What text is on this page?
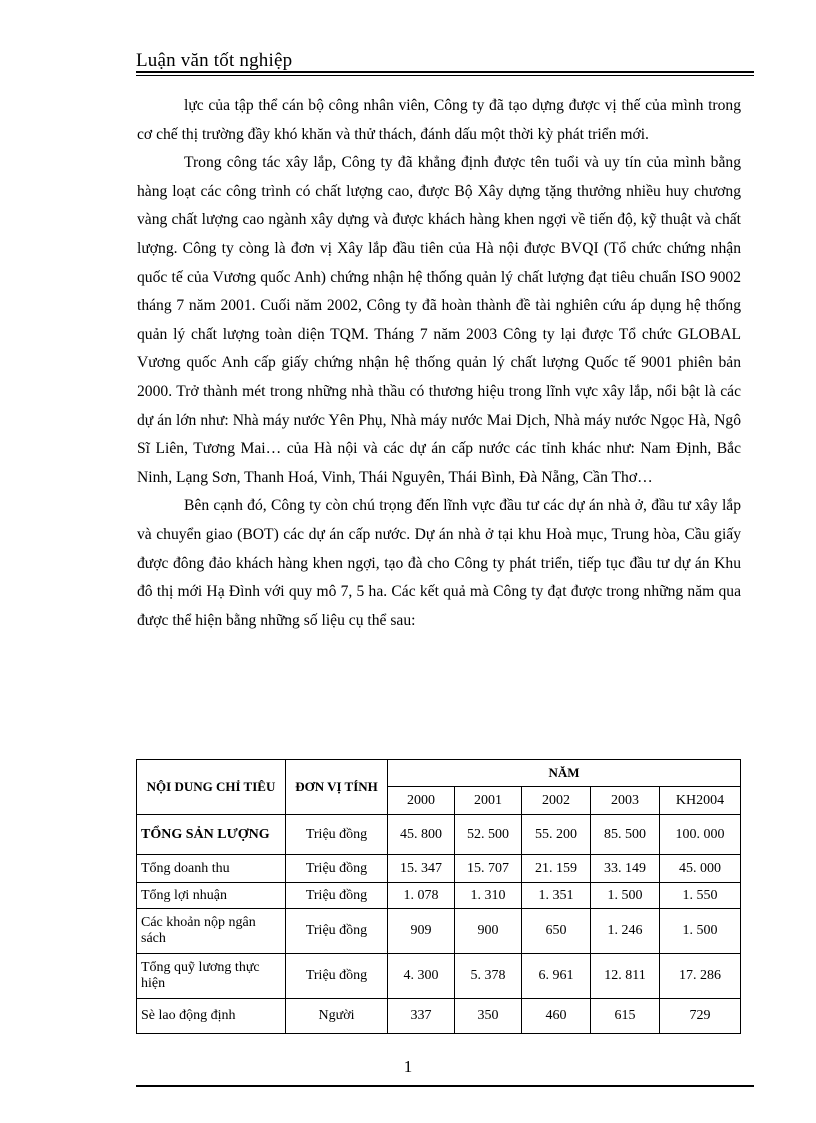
Luận văn tốt nghiệp

lực của tập thể cán bộ công nhân viên, Công ty đã tạo dựng được vị thế của mình trong cơ chế thị trường đầy khó khăn và thử thách, đánh dấu một thời kỳ phát triển mới.

Trong công tác xây lắp, Công ty đã khẳng định được tên tuổi và uy tín của mình bằng hàng loạt các công trình có chất lượng cao, được Bộ Xây dựng tặng thưởng nhiều huy chương vàng chất lượng cao ngành xây dựng và được khách hàng khen ngợi về tiến độ, kỹ thuật và chất lượng. Công ty còng là đơn vị Xây lắp đầu tiên của Hà nội được BVQI (Tổ chức chứng nhận quốc tế của Vương quốc Anh) chứng nhận hệ thống quản lý chất lượng đạt tiêu chuẩn ISO 9002 tháng 7 năm 2001. Cuối năm 2002, Công ty đã hoàn thành đề tài nghiên cứu áp dụng hệ thống quản lý chất lượng toàn diện TQM. Tháng 7 năm 2003 Công ty lại được Tổ chức GLOBAL Vương quốc Anh cấp giấy chứng nhận hệ thống quản lý chất lượng Quốc tế 9001 phiên bản 2000. Trở thành mét trong những nhà thầu có thương hiệu trong lĩnh vực xây lắp, nổi bật là các dự án lớn như: Nhà máy nước Yên Phụ, Nhà máy nước Mai Dịch, Nhà máy nước Ngọc Hà, Ngô Sĩ Liên, Tương Mai… của Hà nội và các dự án cấp nước các tỉnh khác như: Nam Định, Bắc Ninh, Lạng Sơn, Thanh Hoá, Vinh, Thái Nguyên, Thái Bình, Đà Nẵng, Cần Thơ…

Bên cạnh đó, Công ty còn chú trọng đến lĩnh vực đầu tư các dự án nhà ở, đầu tư xây lắp và chuyển giao (BOT) các dự án cấp nước. Dự án nhà ở tại khu Hoà mục, Trung hòa, Cầu giấy được đông đảo khách hàng khen ngợi, tạo đà cho Công ty phát triển, tiếp tục đầu tư dự án Khu đô thị mới Hạ Đình với quy mô 7, 5 ha. Các kết quả mà Công ty đạt được trong những năm qua được thể hiện bằng những số liệu cụ thể sau:

NỘI DUNG CHỈ TIÊU	ĐƠN VỊ TÍNH	NĂM				
		2000	2001	2002	2003	KH2004
TỔNG SẢN LƯỢNG	Triệu đồng	45. 800	52. 500	55. 200	85. 500	100. 000
Tổng doanh thu	Triệu đồng	15. 347	15. 707	21. 159	33. 149	45. 000
Tổng lợi nhuận	Triệu đồng	1. 078	1. 310	1. 351	1. 500	1. 550
Các khoản nộp ngân sách	Triệu đồng	909	900	650	1. 246	1. 500
Tổng quỹ lương thực hiện	Triệu đồng	4. 300	5. 378	6. 961	12. 811	17. 286
Sè lao động định	Người	337	350	460	615	729
1
